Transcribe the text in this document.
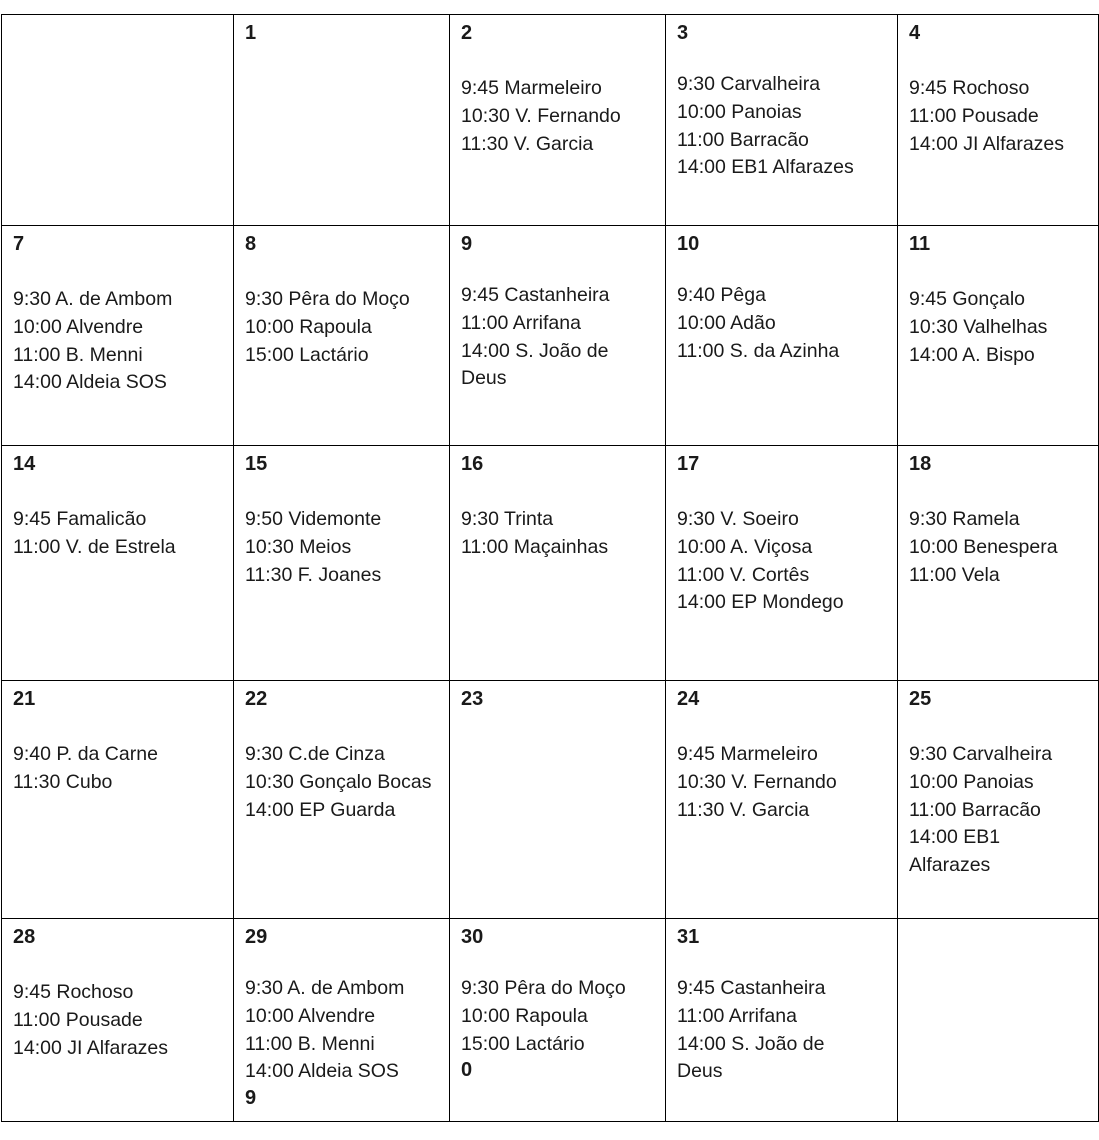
1	2
9:45 Marmeleiro
10:30 V. Fernando
11:30 V. Garcia
3
9:30 Carvalheira
10:00 Panoias
11:00 Barracão
14:00 EB1 Alfarazes
4
9:45 Rochoso
11:00 Pousade
14:00 JI Alfarazes
7
9:30 A. de Ambom
10:00 Alvendre
11:00 B. Menni
14:00 Aldeia SOS
8
9:30 Pêra do Moço
10:00 Rapoula
15:00 Lactário
9
9:45 Castanheira
11:00 Arrifana
14:00 S. João de Deus
10
9:40 Pêga
10:00 Adão
11:00 S. da Azinha
11
9:45 Gonçalo
10:30 Valhelhas
14:00 A. Bispo
14
9:45 Famalicão
11:00 V. de Estrela
15
9:50 Videmonte
10:30 Meios
11:30 F. Joanes
16
9:30 Trinta
11:00 Maçainhas
17
9:30 V. Soeiro
10:00 A. Viçosa
11:00 V. Cortês
14:00 EP Mondego
18
9:30 Ramela
10:00 Benespera
11:00 Vela
21
9:40 P. da Carne
11:30 Cubo
22
9:30 C.de Cinza
10:30 Gonçalo Bocas
14:00 EP Guarda
23	24
9:45 Marmeleiro
10:30 V. Fernando
11:30 V. Garcia
25
9:30 Carvalheira
10:00 Panoias
11:00 Barracão
14:00 EB1 Alfarazes
28
9:45 Rochoso
11:00 Pousade
14:00 JI Alfarazes
29
9:30 A. de Ambom
10:00 Alvendre
11:00 B. Menni
14:00 Aldeia SOS
9
30
9:30 Pêra do Moço
10:00 Rapoula
15:00 Lactário
0
31
9:45 Castanheira
11:00 Arrifana
14:00 S. João de Deus
